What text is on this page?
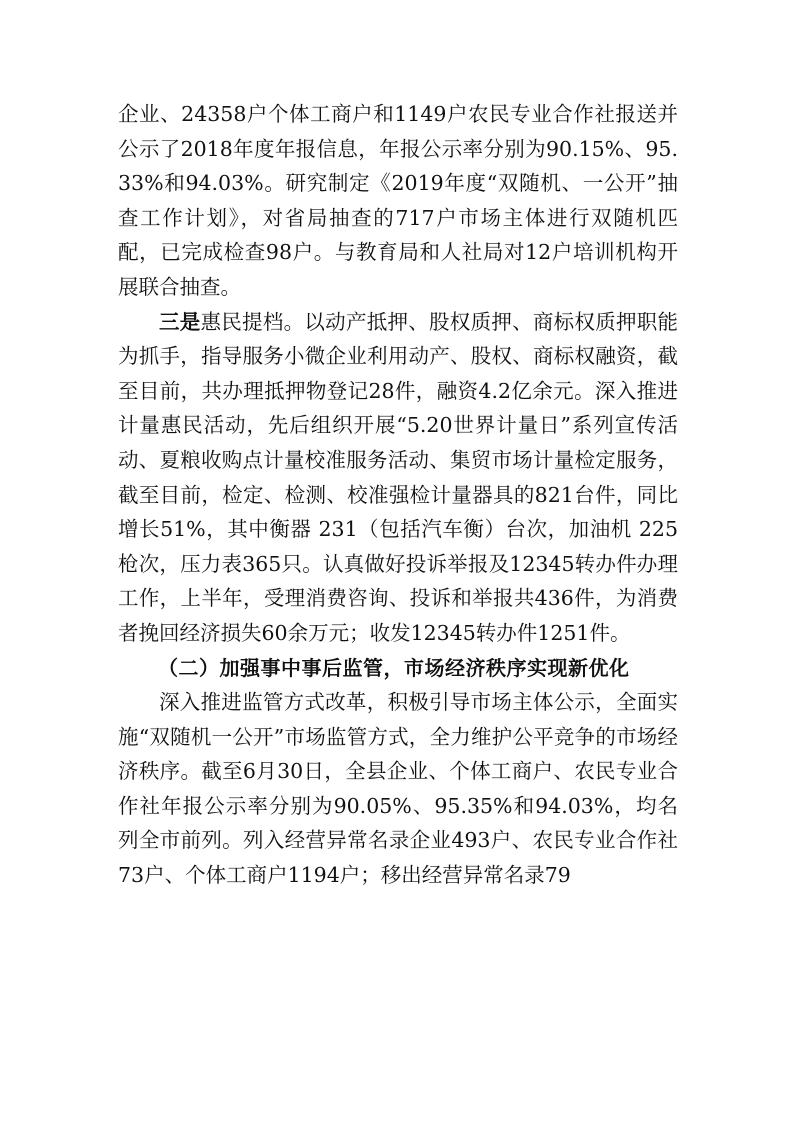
企业、24358户个体工商户和1149户农民专业合作社报送并公示了2018年度年报信息，年报公示率分别为90.15%、95.33%和94.03%。研究制定《2019年度“双随机、一公开”抽查工作计划》，对省局抽查的717户市场主体进行双随机匹配，已完成检查98户。与教育局和人社局对12户培训机构开展联合抽查。

三是惠民提档。以动产抵押、股权质押、商标权质押职能为抓手，指导服务小微企业利用动产、股权、商标权融资，截至目前，共办理抵押物登记28件，融资4.2亿余元。深入推进计量惠民活动，先后组织开展“5.20世界计量日”系列宣传活动、夏粮收购点计量校准服务活动、集贸市场计量检定服务，截至目前，检定、检测、校准强检计量器具的821台件，同比增长51%，其中衡器 231（包括汽车衡）台次，加油机 225枪次，压力表365只。认真做好投诉举报及12345转办件办理工作，上半年，受理消费咨询、投诉和举报共436件，为消费者挽回经济损失60余万元；收发12345转办件1251件。

（二）加强事中事后监管，市场经济秩序实现新优化

深入推进监管方式改革，积极引导市场主体公示，全面实施“双随机一公开”市场监管方式，全力维护公平竞争的市场经济秩序。截至6月30日，全县企业、个体工商户、农民专业合作社年报公示率分别为90.05%、95.35%和94.03%，均名列全市前列。列入经营异常名录企业493户、农民专业合作社73户、个体工商户1194户；移出经营异常名录79
